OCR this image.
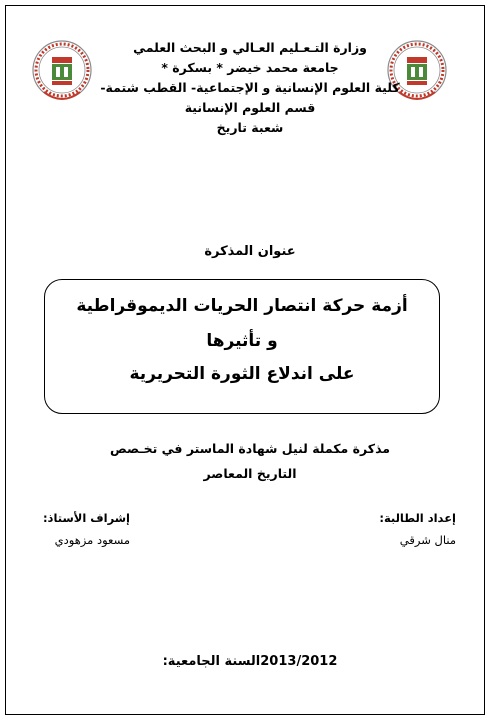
وزارة التـعـليم العـالي و البحث العلمي
جامعة محمد خيضر * بسكرة *
كلية العلوم الإنسانية و الإجتماعية- القطب شتمة-
قسم العلوم الإنسانية
شعبة تاريخ
عنوان المذكرة
أزمة حركة انتصار الحريات الديموقراطية
و تأثيرها
على اندلاع الثورة التحريرية
مذكرة مكملة لنيل شهادة الماستر في تخـصص
التاريخ المعاصر
إشراف الأستاذ:
مسعود مزهودي
إعداد الطالبة:
منال شرقي
السنة الجامعية:2013/2012
